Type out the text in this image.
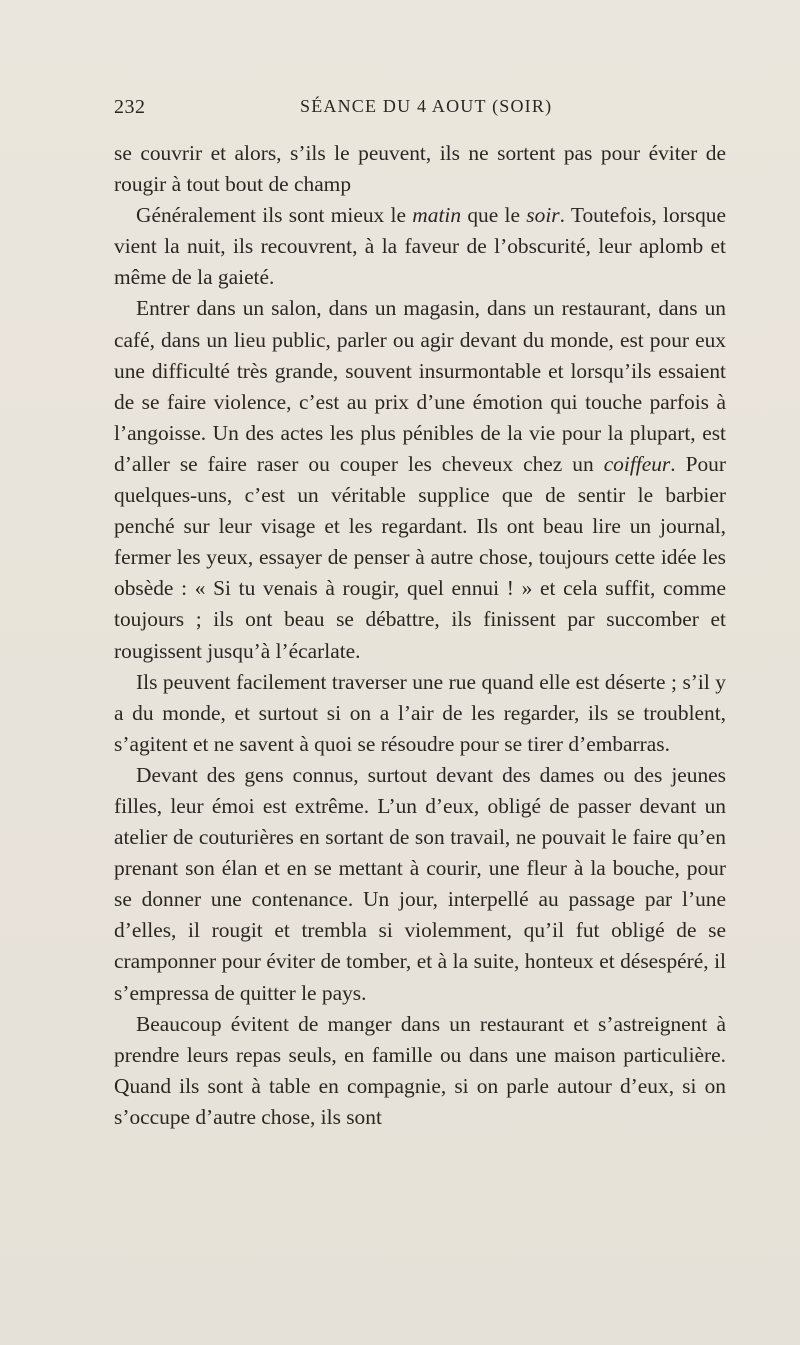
232	SÉANCE DU 4 AOUT (SOIR)

se couvrir et alors, s’ils le peuvent, ils ne sortent pas pour éviter de rougir à tout bout de champ

Généralement ils sont mieux le matin que le soir. Toutefois, lorsque vient la nuit, ils recouvrent, à la faveur de l’obscurité, leur aplomb et même de la gaieté.

Entrer dans un salon, dans un magasin, dans un restaurant, dans un café, dans un lieu public, parler ou agir devant du monde, est pour eux une difficulté très grande, souvent insurmontable et lorsqu’ils essaient de se faire violence, c’est au prix d’une émotion qui touche parfois à l’angoisse. Un des actes les plus pénibles de la vie pour la plupart, est d’aller se faire raser ou couper les cheveux chez un coiffeur. Pour quelques-uns, c’est un véritable supplice que de sentir le barbier penché sur leur visage et les regardant. Ils ont beau lire un journal, fermer les yeux, essayer de penser à autre chose, toujours cette idée les obsède : « Si tu venais à rougir, quel ennui ! » et cela suffit, comme toujours ; ils ont beau se débattre, ils finissent par succomber et rougissent jusqu’à l’écarlate.

Ils peuvent facilement traverser une rue quand elle est déserte ; s’il y a du monde, et surtout si on a l’air de les regarder, ils se troublent, s’agitent et ne savent à quoi se résoudre pour se tirer d’embarras.

Devant des gens connus, surtout devant des dames ou des jeunes filles, leur émoi est extrême. L’un d’eux, obligé de passer devant un atelier de couturières en sortant de son travail, ne pouvait le faire qu’en prenant son élan et en se mettant à courir, une fleur à la bouche, pour se donner une contenance. Un jour, interpellé au passage par l’une d’elles, il rougit et trembla si violemment, qu’il fut obligé de se cramponner pour éviter de tomber, et à la suite, honteux et désespéré, il s’empressa de quitter le pays.

Beaucoup évitent de manger dans un restaurant et s’astreignent à prendre leurs repas seuls, en famille ou dans une maison particulière. Quand ils sont à table en compagnie, si on parle autour d’eux, si on s’occupe d’autre chose, ils sont
